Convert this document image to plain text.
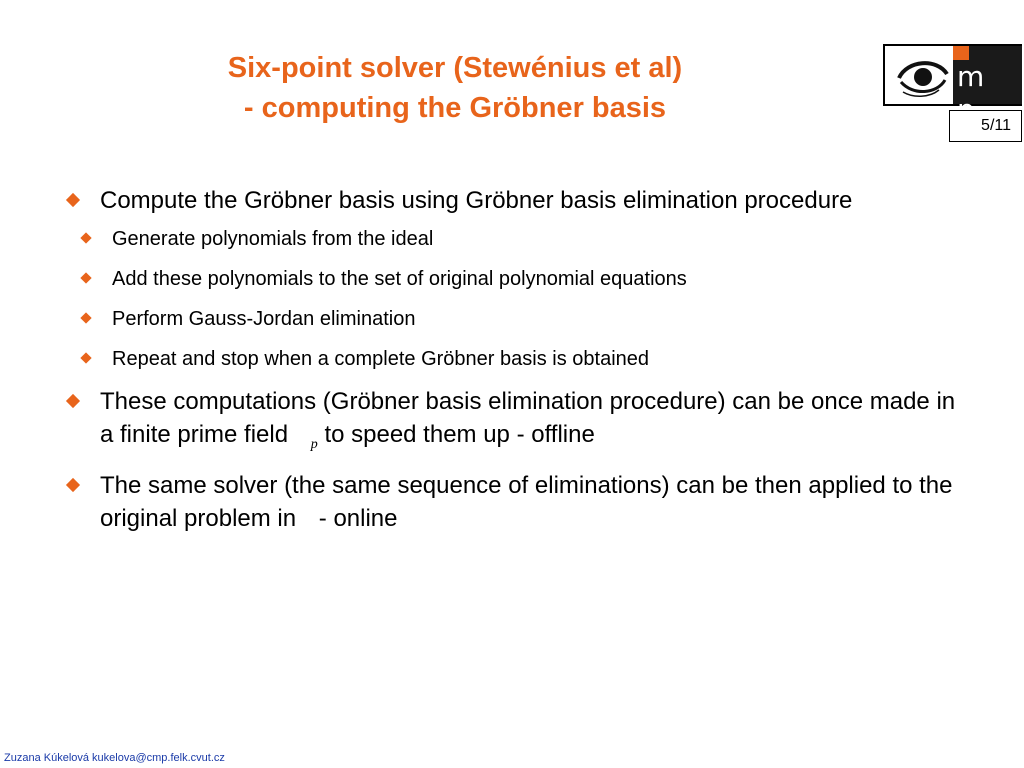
Six-point solver (Stewénius et al)
- computing the Gröbner basis
m p
5/11
Compute the Gröbner basis using Gröbner basis elimination procedure
Generate polynomials from the ideal
Add these polynomials to the set of original polynomial equations
Perform Gauss-Jordan elimination
Repeat and stop when a complete Gröbner basis is obtained
These computations (Gröbner basis elimination procedure) can be once made in a finite prime field $_p$ to speed them up - offline
The same solver (the same sequence of eliminations) can be then applied to the original problem in - online
Zuzana Kúkelová kukelova@cmp.felk.cvut.cz
